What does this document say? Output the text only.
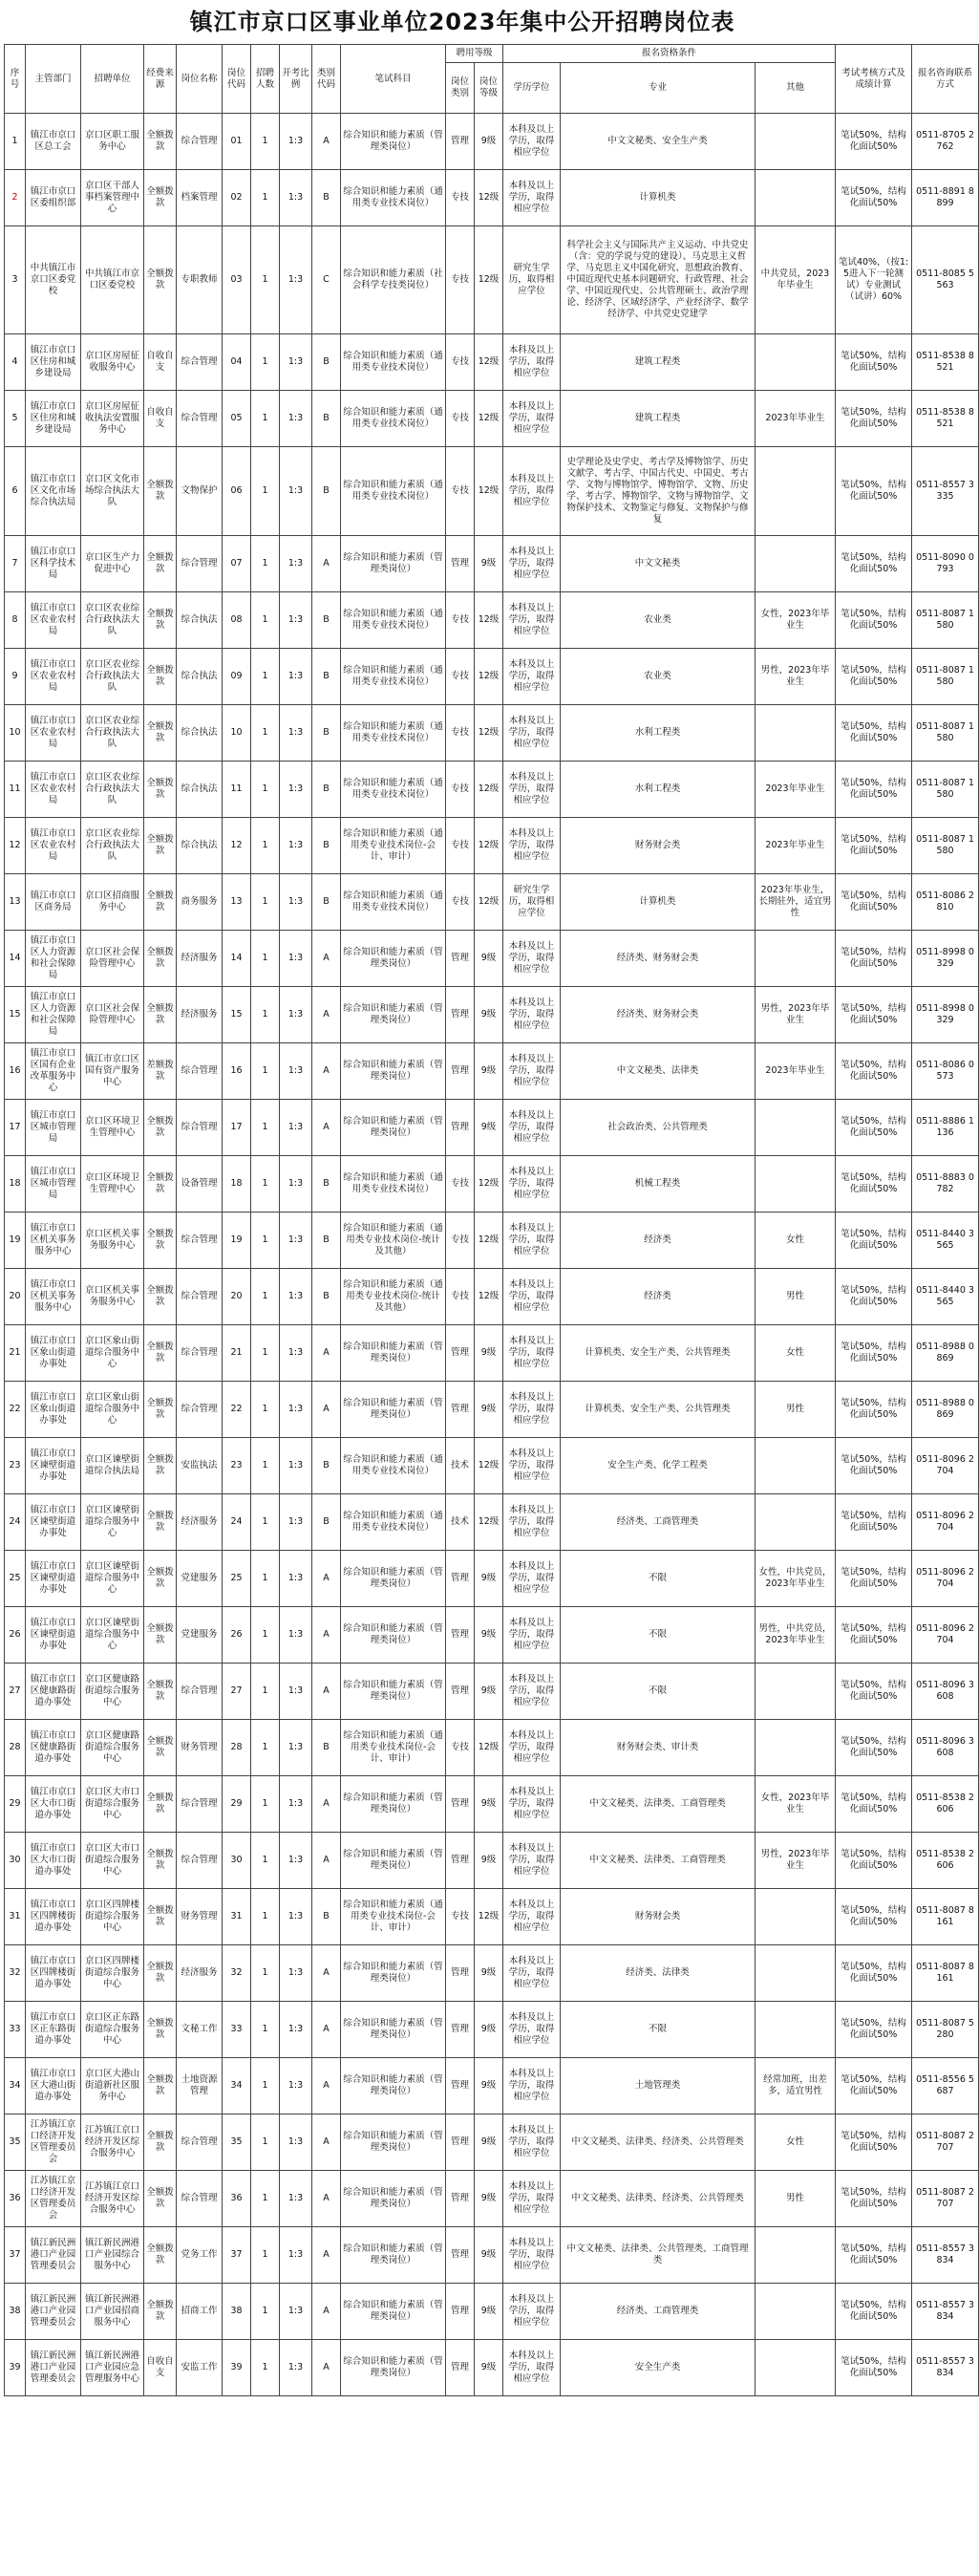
镇江市京口区事业单位2023年集中公开招聘岗位表
序号	主管部门	招聘单位	经费来源	岗位名称	岗位代码	招聘人数	开考比例	类别代码	笔试科目	聘用等级		报名资格条件			考试考核方式及成绩计算	报名咨询联系方式
										岗位类别	岗位等级	学历学位	专业	其他		
1	镇江市京口区总工会	京口区职工服务中心	全额拨款	综合管理	01	1	1:3	A	综合知识和能力素质（管理类岗位）	管理	9级	本科及以上学历，取得相应学位	中文文秘类、安全生产类		笔试50%，结构化面试50%	0511-8705 2762
2	镇江市京口区委组织部	京口区干部人事档案管理中心	全额拨款	档案管理	02	1	1:3	B	综合知识和能力素质（通用类专业技术岗位）	专技	12级	本科及以上学历，取得相应学位	计算机类		笔试50%，结构化面试50%	0511-8891 8899
3	中共镇江市京口区委党校	中共镇江市京口区委党校	全额拨款	专职教师	03	1	1:3	C	综合知识和能力素质（社会科学专技类岗位）	专技	12级	研究生学历，取得相应学位	科学社会主义与国际共产主义运动、中共党史（含：党的学说与党的建设）、马克思主义哲学、马克思主义中国化研究、思想政治教育、中国近现代史基本问题研究、行政管理、社会学、中国近现代史、公共管理硕士、政治学理论、经济学、区域经济学、产业经济学、数学经济学、中共党史党建学	中共党员，2023年毕业生	笔试40%，（按1:5进入下一轮测试）专业测试（试讲）60%	0511-8085 5563
4	镇江市京口区住房和城乡建设局	京口区房屋征收服务中心	自收自支	综合管理	04	1	1:3	B	综合知识和能力素质（通用类专业技术岗位）	专技	12级	本科及以上学历，取得相应学位	建筑工程类		笔试50%，结构化面试50%	0511-8538 8521
5	镇江市京口区住房和城乡建设局	京口区房屋征收执法安置服务中心	自收自支	综合管理	05	1	1:3	B	综合知识和能力素质（通用类专业技术岗位）	专技	12级	本科及以上学历，取得相应学位	建筑工程类	2023年毕业生	笔试50%，结构化面试50%	0511-8538 8521
6	镇江市京口区文化市场综合执法局	京口区文化市场综合执法大队	全额拨款	文物保护	06	1	1:3	B	综合知识和能力素质（通用类专业技术岗位）	专技	12级	本科及以上学历，取得相应学位	史学理论及史学史、考古学及博物馆学、历史文献学、考古学、中国古代史、中国史、考古学、文物与博物馆学、博物馆学、文物、历史学、考古学、博物馆学、文物与博物馆学、文物保护技术、文物鉴定与修复、文物保护与修复		笔试50%，结构化面试50%	0511-8557 3335
7	镇江市京口区科学技术局	京口区生产力促进中心	全额拨款	综合管理	07	1	1:3	A	综合知识和能力素质（管理类岗位）	管理	9级	本科及以上学历，取得相应学位	中文文秘类		笔试50%，结构化面试50%	0511-8090 0793
8	镇江市京口区农业农村局	京口区农业综合行政执法大队	全额拨款	综合执法	08	1	1:3	B	综合知识和能力素质（通用类专业技术岗位）	专技	12级	本科及以上学历，取得相应学位	农业类	女性，2023年毕业生	笔试50%，结构化面试50%	0511-8087 1580
9	镇江市京口区农业农村局	京口区农业综合行政执法大队	全额拨款	综合执法	09	1	1:3	B	综合知识和能力素质（通用类专业技术岗位）	专技	12级	本科及以上学历，取得相应学位	农业类	男性，2023年毕业生	笔试50%，结构化面试50%	0511-8087 1580
10	镇江市京口区农业农村局	京口区农业综合行政执法大队	全额拨款	综合执法	10	1	1:3	B	综合知识和能力素质（通用类专业技术岗位）	专技	12级	本科及以上学历，取得相应学位	水利工程类		笔试50%，结构化面试50%	0511-8087 1580
11	镇江市京口区农业农村局	京口区农业综合行政执法大队	全额拨款	综合执法	11	1	1:3	B	综合知识和能力素质（通用类专业技术岗位）	专技	12级	本科及以上学历，取得相应学位	水利工程类	2023年毕业生	笔试50%，结构化面试50%	0511-8087 1580
12	镇江市京口区农业农村局	京口区农业综合行政执法大队	全额拨款	综合执法	12	1	1:3	B	综合知识和能力素质（通用类专业技术岗位-会计、审计）	专技	12级	本科及以上学历，取得相应学位	财务财会类	2023年毕业生	笔试50%，结构化面试50%	0511-8087 1580
13	镇江市京口区商务局	京口区招商服务中心	全额拨款	商务服务	13	1	1:3	B	综合知识和能力素质（通用类专业技术岗位）	专技	12级	研究生学历，取得相应学位	计算机类	2023年毕业生，长期驻外，适宜男性	笔试50%，结构化面试50%	0511-8086 2810
14	镇江市京口区人力资源和社会保障局	京口区社会保险管理中心	全额拨款	经济服务	14	1	1:3	A	综合知识和能力素质（管理类岗位）	管理	9级	本科及以上学历，取得相应学位	经济类、财务财会类		笔试50%，结构化面试50%	0511-8998 0329
15	镇江市京口区人力资源和社会保障局	京口区社会保险管理中心	全额拨款	经济服务	15	1	1:3	A	综合知识和能力素质（管理类岗位）	管理	9级	本科及以上学历，取得相应学位	经济类、财务财会类	男性，2023年毕业生	笔试50%，结构化面试50%	0511-8998 0329
16	镇江市京口区国有企业改革服务中心	镇江市京口区国有资产服务中心	差额拨款	综合管理	16	1	1:3	A	综合知识和能力素质（管理类岗位）	管理	9级	本科及以上学历，取得相应学位	中文文秘类、法律类	2023年毕业生	笔试50%，结构化面试50%	0511-8086 0573
17	镇江市京口区城市管理局	京口区环境卫生管理中心	全额拨款	综合管理	17	1	1:3	A	综合知识和能力素质（管理类岗位）	管理	9级	本科及以上学历，取得相应学位	社会政治类、公共管理类		笔试50%，结构化面试50%	0511-8886 1136
18	镇江市京口区城市管理局	京口区环境卫生管理中心	全额拨款	设备管理	18	1	1:3	B	综合知识和能力素质（通用类专业技术岗位）	专技	12级	本科及以上学历，取得相应学位	机械工程类		笔试50%，结构化面试50%	0511-8883 0782
19	镇江市京口区机关事务服务中心	京口区机关事务服务中心	全额拨款	综合管理	19	1	1:3	B	综合知识和能力素质（通用类专业技术岗位-统计及其他）	专技	12级	本科及以上学历，取得相应学位	经济类	女性	笔试50%，结构化面试50%	0511-8440 3565
20	镇江市京口区机关事务服务中心	京口区机关事务服务中心	全额拨款	综合管理	20	1	1:3	B	综合知识和能力素质（通用类专业技术岗位-统计及其他）	专技	12级	本科及以上学历，取得相应学位	经济类	男性	笔试50%，结构化面试50%	0511-8440 3565
21	镇江市京口区象山街道办事处	京口区象山街道综合服务中心	全额拨款	综合管理	21	1	1:3	A	综合知识和能力素质（管理类岗位）	管理	9级	本科及以上学历，取得相应学位	计算机类、安全生产类、公共管理类	女性	笔试50%，结构化面试50%	0511-8988 0869
22	镇江市京口区象山街道办事处	京口区象山街道综合服务中心	全额拨款	综合管理	22	1	1:3	A	综合知识和能力素质（管理类岗位）	管理	9级	本科及以上学历，取得相应学位	计算机类、安全生产类、公共管理类	男性	笔试50%，结构化面试50%	0511-8988 0869
23	镇江市京口区谏壁街道办事处	京口区谏壁街道综合执法局	全额拨款	安监执法	23	1	1:3	B	综合知识和能力素质（通用类专业技术岗位）	技术	12级	本科及以上学历，取得相应学位	安全生产类、化学工程类		笔试50%，结构化面试50%	0511-8096 2704
24	镇江市京口区谏壁街道办事处	京口区谏壁街道综合服务中心	全额拨款	经济服务	24	1	1:3	B	综合知识和能力素质（通用类专业技术岗位）	技术	12级	本科及以上学历，取得相应学位	经济类、工商管理类		笔试50%，结构化面试50%	0511-8096 2704
25	镇江市京口区谏壁街道办事处	京口区谏壁街道综合服务中心	全额拨款	党建服务	25	1	1:3	A	综合知识和能力素质（管理类岗位）	管理	9级	本科及以上学历，取得相应学位	不限	女性，中共党员，2023年毕业生	笔试50%，结构化面试50%	0511-8096 2704
26	镇江市京口区谏壁街道办事处	京口区谏壁街道综合服务中心	全额拨款	党建服务	26	1	1:3	A	综合知识和能力素质（管理类岗位）	管理	9级	本科及以上学历，取得相应学位	不限	男性，中共党员，2023年毕业生	笔试50%，结构化面试50%	0511-8096 2704
27	镇江市京口区健康路街道办事处	京口区健康路街道综合服务中心	全额拨款	综合管理	27	1	1:3	A	综合知识和能力素质（管理类岗位）	管理	9级	本科及以上学历，取得相应学位	不限		笔试50%，结构化面试50%	0511-8096 3608
28	镇江市京口区健康路街道办事处	京口区健康路街道综合服务中心	全额拨款	财务管理	28	1	1:3	B	综合知识和能力素质（通用类专业技术岗位-会计、审计）	专技	12级	本科及以上学历，取得相应学位	财务财会类、审计类		笔试50%，结构化面试50%	0511-8096 3608
29	镇江市京口区大市口街道办事处	京口区大市口街道综合服务中心	全额拨款	综合管理	29	1	1:3	A	综合知识和能力素质（管理类岗位）	管理	9级	本科及以上学历，取得相应学位	中文文秘类、法律类、工商管理类	女性，2023年毕业生	笔试50%，结构化面试50%	0511-8538 2606
30	镇江市京口区大市口街道办事处	京口区大市口街道综合服务中心	全额拨款	综合管理	30	1	1:3	A	综合知识和能力素质（管理类岗位）	管理	9级	本科及以上学历，取得相应学位	中文文秘类、法律类、工商管理类	男性，2023年毕业生	笔试50%，结构化面试50%	0511-8538 2606
31	镇江市京口区四牌楼街道办事处	京口区四牌楼街道综合服务中心	全额拨款	财务管理	31	1	1:3	B	综合知识和能力素质（通用类专业技术岗位-会计、审计）	专技	12级	本科及以上学历，取得相应学位	财务财会类		笔试50%，结构化面试50%	0511-8087 8161
32	镇江市京口区四牌楼街道办事处	京口区四牌楼街道综合服务中心	全额拨款	经济服务	32	1	1:3	A	综合知识和能力素质（管理类岗位）	管理	9级	本科及以上学历，取得相应学位	经济类、法律类		笔试50%，结构化面试50%	0511-8087 8161
33	镇江市京口区正东路街道办事处	京口区正东路街道综合服务中心	全额拨款	文秘工作	33	1	1:3	A	综合知识和能力素质（管理类岗位）	管理	9级	本科及以上学历，取得相应学位	不限		笔试50%，结构化面试50%	0511-8087 5280
34	镇江市京口区大港山街道办事处	京口区大港山街道新社区服务中心	全额拨款	土地资源管理	34	1	1:3	A	综合知识和能力素质（管理类岗位）	管理	9级	本科及以上学历，取得相应学位	土地管理类	经常加班，出差多，适宜男性	笔试50%，结构化面试50%	0511-8556 5687
35	江苏镇江京口经济开发区管理委员会	江苏镇江京口经济开发区综合服务中心	全额拨款	综合管理	35	1	1:3	A	综合知识和能力素质（管理类岗位）	管理	9级	本科及以上学历，取得相应学位	中文文秘类、法律类、经济类、公共管理类	女性	笔试50%，结构化面试50%	0511-8087 2707
36	江苏镇江京口经济开发区管理委员会	江苏镇江京口经济开发区综合服务中心	全额拨款	综合管理	36	1	1:3	A	综合知识和能力素质（管理类岗位）	管理	9级	本科及以上学历，取得相应学位	中文文秘类、法律类、经济类、公共管理类	男性	笔试50%，结构化面试50%	0511-8087 2707
37	镇江新民洲港口产业园管理委员会	镇江新民洲港口产业园综合服务中心	全额拨款	党务工作	37	1	1:3	A	综合知识和能力素质（管理类岗位）	管理	9级	本科及以上学历，取得相应学位	中文文秘类、法律类、公共管理类、工商管理类		笔试50%，结构化面试50%	0511-8557 3834
38	镇江新民洲港口产业园管理委员会	镇江新民洲港口产业园招商服务中心	全额拨款	招商工作	38	1	1:3	A	综合知识和能力素质（管理类岗位）	管理	9级	本科及以上学历，取得相应学位	经济类、工商管理类		笔试50%，结构化面试50%	0511-8557 3834
39	镇江新民洲港口产业园管理委员会	镇江新民洲港口产业园应急管理服务中心	自收自支	安监工作	39	1	1:3	A	综合知识和能力素质（管理类岗位）	管理	9级	本科及以上学历，取得相应学位	安全生产类		笔试50%，结构化面试50%	0511-8557 3834
